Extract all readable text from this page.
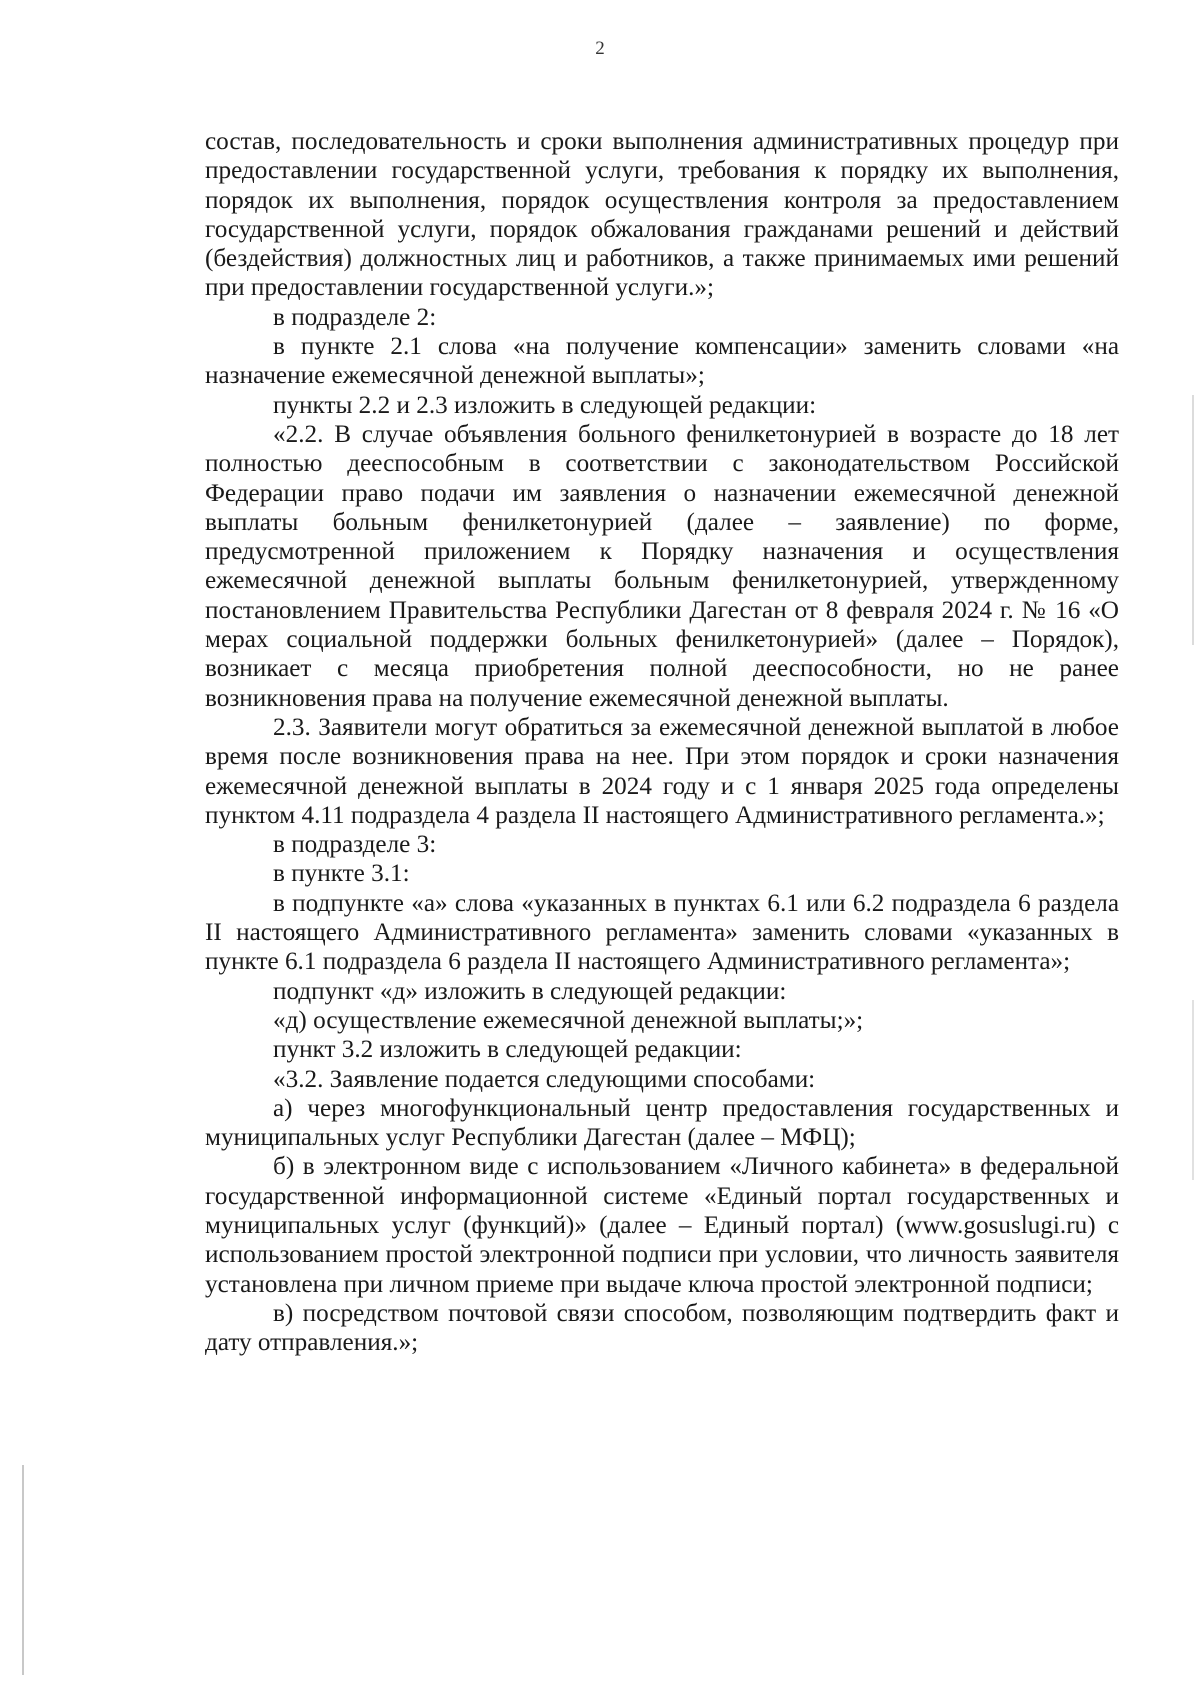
2

состав, последовательность и сроки выполнения административных процедур при предоставлении государственной услуги, требования к порядку их выполнения, порядок их выполнения, порядок осуществления контроля за предоставлением государственной услуги, порядок обжалования гражданами решений и действий (бездействия) должностных лиц и работников, а также принимаемых ими решений при предоставлении государственной услуги.»;

в подразделе 2:

в пункте 2.1 слова «на получение компенсации» заменить словами «на назначение ежемесячной денежной выплаты»;

пункты 2.2 и 2.3 изложить в следующей редакции:

«2.2. В случае объявления больного фенилкетонурией в возрасте до 18 лет полностью дееспособным в соответствии с законодательством Российской Федерации право подачи им заявления о назначении ежемесячной денежной выплаты больным фенилкетонурией (далее – заявление) по форме, предусмотренной приложением к Порядку назначения и осуществления ежемесячной денежной выплаты больным фенилкетонурией, утвержденному постановлением Правительства Республики Дагестан от 8 февраля 2024 г. № 16 «О мерах социальной поддержки больных фенилкетонурией» (далее – Порядок), возникает с месяца приобретения полной дееспособности, но не ранее возникновения права на получение ежемесячной денежной выплаты.

2.3. Заявители могут обратиться за ежемесячной денежной выплатой в любое время после возникновения права на нее. При этом порядок и сроки назначения ежемесячной денежной выплаты в 2024 году и с 1 января 2025 года определены пунктом 4.11 подраздела 4 раздела II настоящего Административного регламента.»;

в подразделе 3:

в пункте 3.1:

в подпункте «а» слова «указанных в пунктах 6.1 или 6.2 подраздела 6 раздела II настоящего Административного регламента» заменить словами «указанных в пункте 6.1 подраздела 6 раздела II настоящего Административного регламента»;

подпункт «д» изложить в следующей редакции:

«д) осуществление ежемесячной денежной выплаты;»;

пункт 3.2 изложить в следующей редакции:

«3.2. Заявление подается следующими способами:

а) через многофункциональный центр предоставления государственных и муниципальных услуг Республики Дагестан (далее – МФЦ);

б) в электронном виде с использованием «Личного кабинета» в федеральной государственной информационной системе «Единый портал государственных и муниципальных услуг (функций)» (далее – Единый портал) (www.gosuslugi.ru) с использованием простой электронной подписи при условии, что личность заявителя установлена при личном приеме при выдаче ключа простой электронной подписи;

в) посредством почтовой связи способом, позволяющим подтвердить факт и дату отправления.»;
